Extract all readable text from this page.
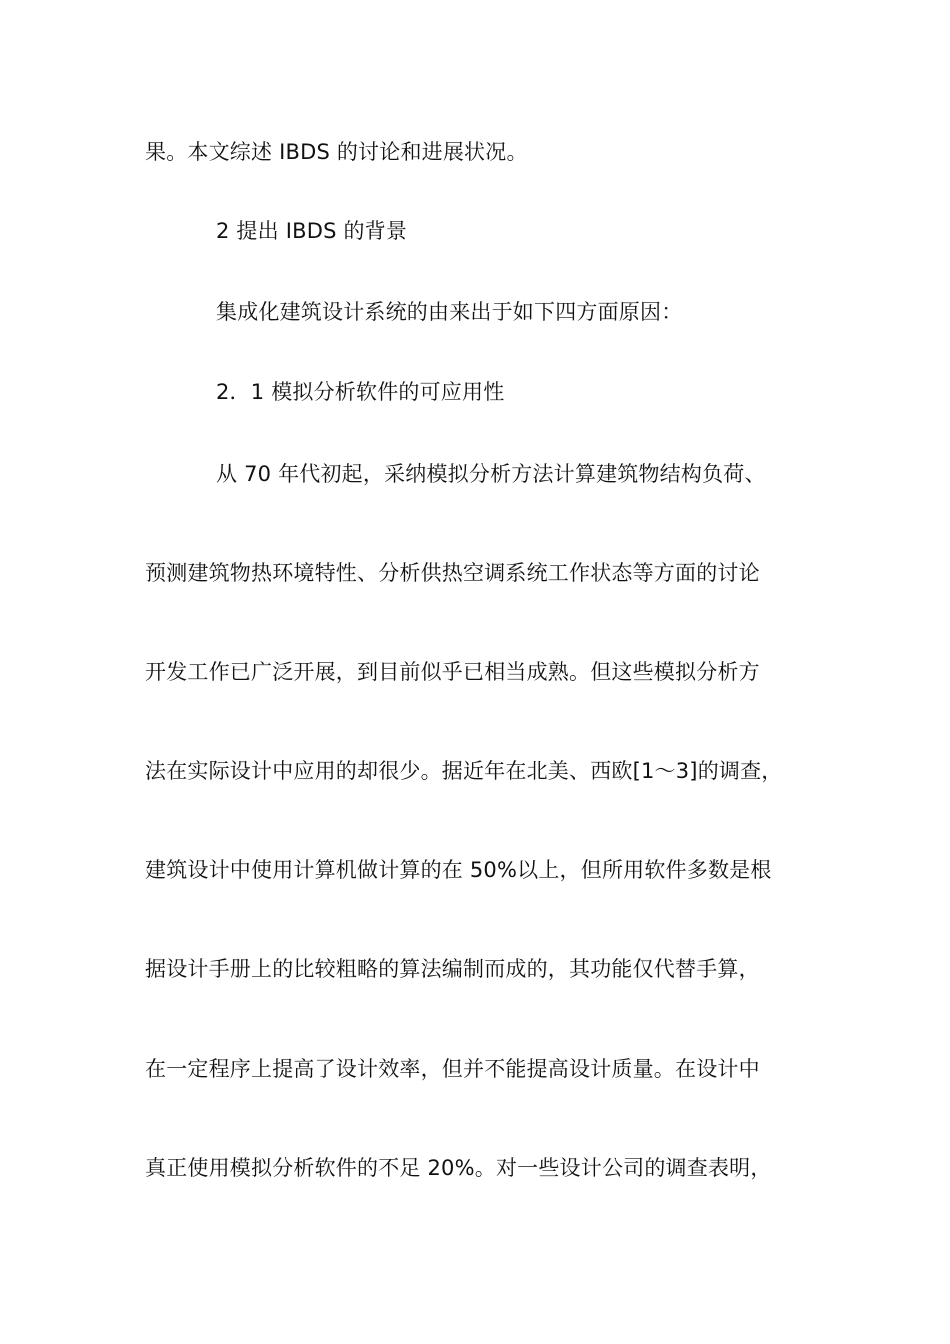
果。本文综述 IBDS 的讨论和进展状况。
2 提出 IBDS 的背景
集成化建筑设计系统的由来出于如下四方面原因：
2．1 模拟分析软件的可应用性
从 70 年代初起，采纳模拟分析方法计算建筑物结构负荷、
预测建筑物热环境特性、分析供热空调系统工作状态等方面的讨论
开发工作已广泛开展，到目前似乎已相当成熟。但这些模拟分析方
法在实际设计中应用的却很少。据近年在北美、西欧[1～3]的调查，
建筑设计中使用计算机做计算的在 50%以上，但所用软件多数是根
据设计手册上的比较粗略的算法编制而成的，其功能仅代替手算，
在一定程序上提高了设计效率，但并不能提高设计质量。在设计中
真正使用模拟分析软件的不足 20%。对一些设计公司的调查表明，
